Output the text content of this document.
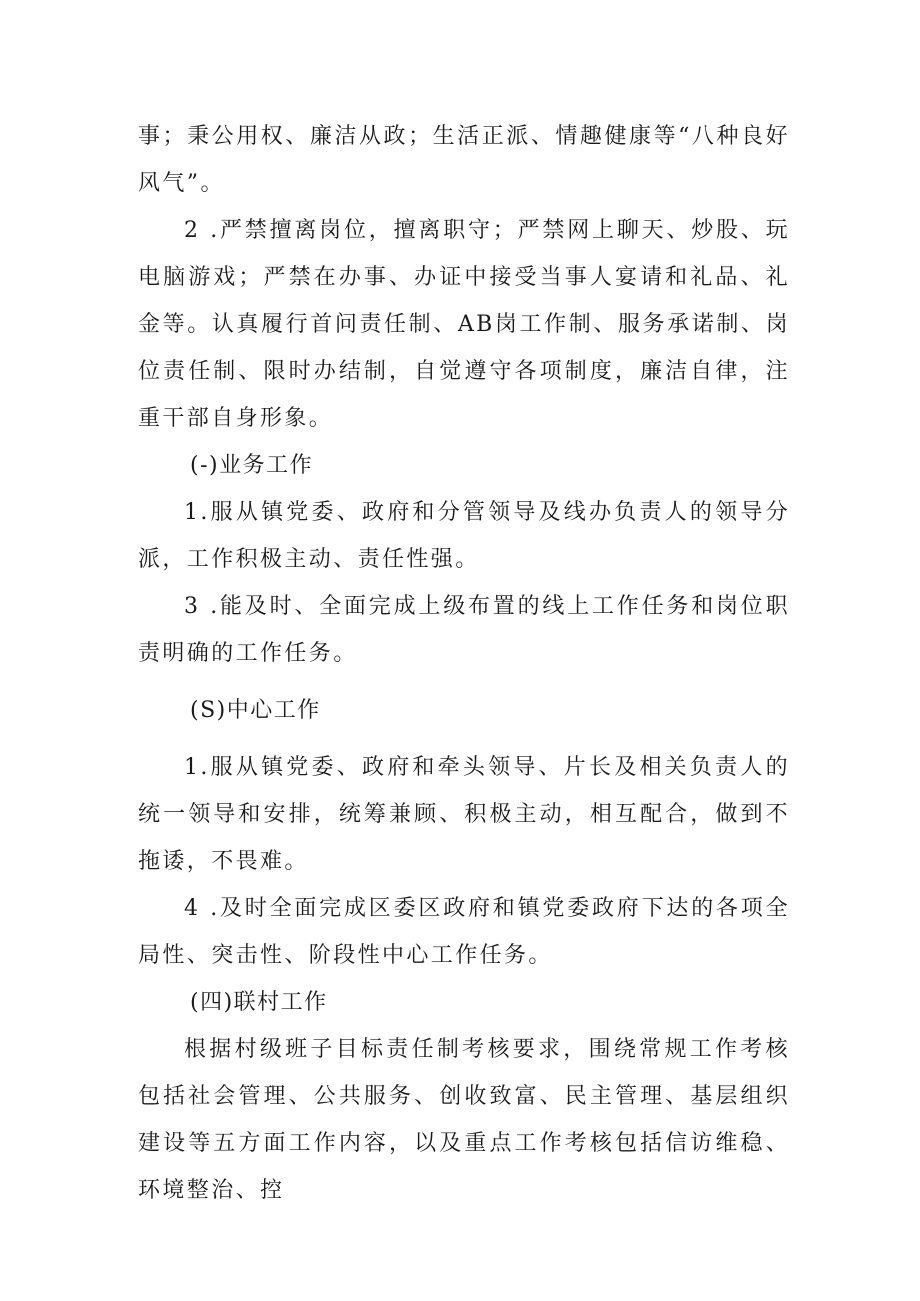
事；秉公用权、廉洁从政；生活正派、情趣健康等“八种良好风气”。

2 .严禁擅离岗位，擅离职守；严禁网上聊天、炒股、玩电脑游戏；严禁在办事、办证中接受当事人宴请和礼品、礼金等。认真履行首问责任制、AB岗工作制、服务承诺制、岗位责任制、限时办结制，自觉遵守各项制度，廉洁自律，注重干部自身形象。

(-)业务工作

1.服从镇党委、政府和分管领导及线办负责人的领导分派，工作积极主动、责任性强。

3 .能及时、全面完成上级布置的线上工作任务和岗位职责明确的工作任务。

(S)中心工作

1.服从镇党委、政府和牵头领导、片长及相关负责人的统一领导和安排，统筹兼顾、积极主动，相互配合，做到不拖诿，不畏难。

4 .及时全面完成区委区政府和镇党委政府下达的各项全局性、突击性、阶段性中心工作任务。

(四)联村工作

根据村级班子目标责任制考核要求，围绕常规工作考核包括社会管理、公共服务、创收致富、民主管理、基层组织建设等五方面工作内容，以及重点工作考核包括信访维稳、环境整治、控
